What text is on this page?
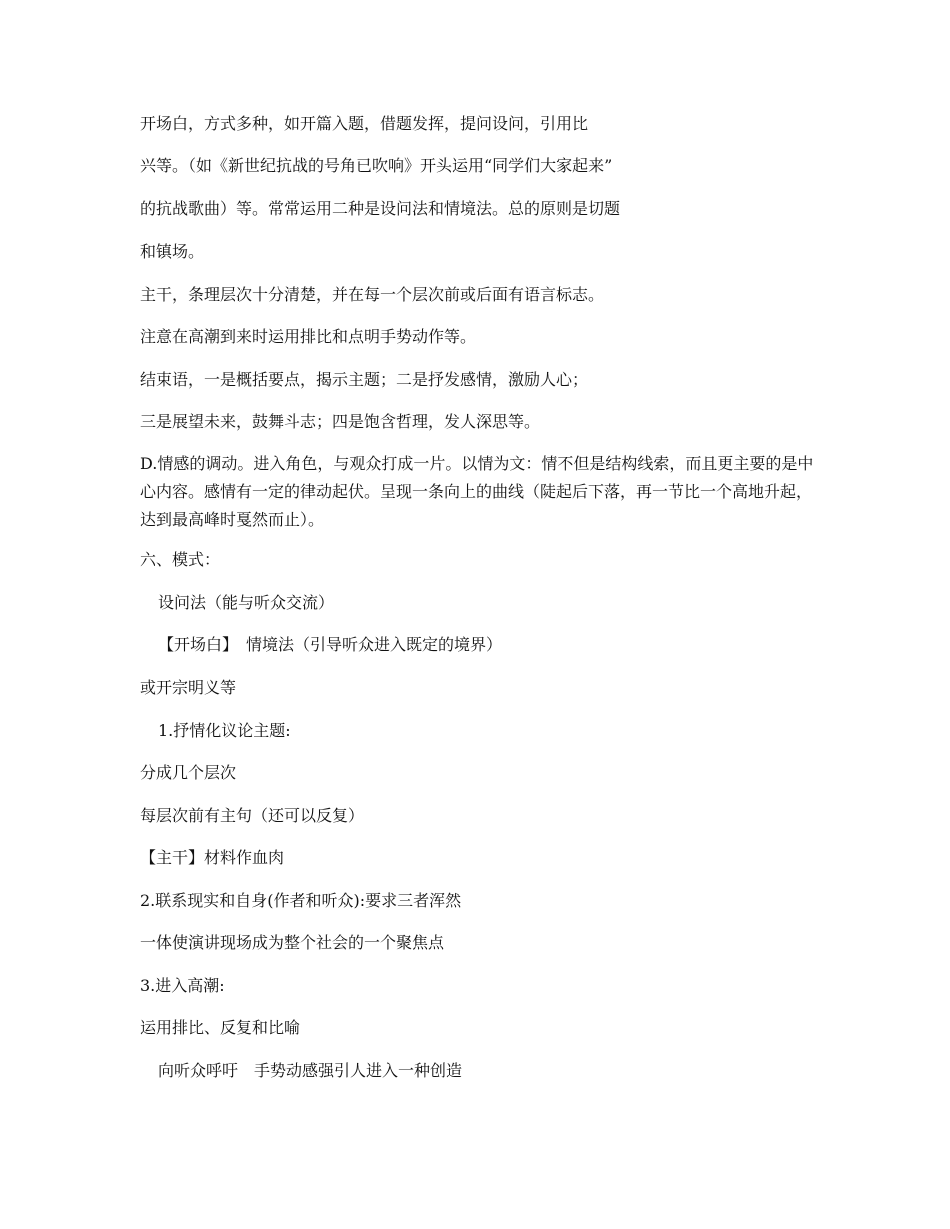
开场白，方式多种，如开篇入题，借题发挥，提问设问，引用比
兴等。（如《新世纪抗战的号角已吹响》开头运用“同学们大家起来”
的抗战歌曲）等。常常运用二种是设问法和情境法。总的原则是切题
和镇场。
主干，条理层次十分清楚，并在每一个层次前或后面有语言标志。
注意在高潮到来时运用排比和点明手势动作等。
结束语，一是概括要点，揭示主题；二是抒发感情，激励人心；
三是展望未来，鼓舞斗志；四是饱含哲理，发人深思等。
D.情感的调动。进入角色，与观众打成一片。以情为文：情不但是结构线索，而且更主要的是中心内容。感情有一定的律动起伏。呈现一条向上的曲线（陡起后下落，再一节比一个高地升起，达到最高峰时戛然而止）。
六、模式：
设问法（能与听众交流）
【开场白】　情境法（引导听众进入既定的境界）
或开宗明义等
1.抒情化议论主题:
分成几个层次
每层次前有主句（还可以反复）
【主干】材料作血肉
2.联系现实和自身(作者和听众):要求三者浑然
一体使演讲现场成为整个社会的一个聚焦点
3.进入高潮:
运用排比、反复和比喻
向听众呼吁　手势动感强引人进入一种创造
